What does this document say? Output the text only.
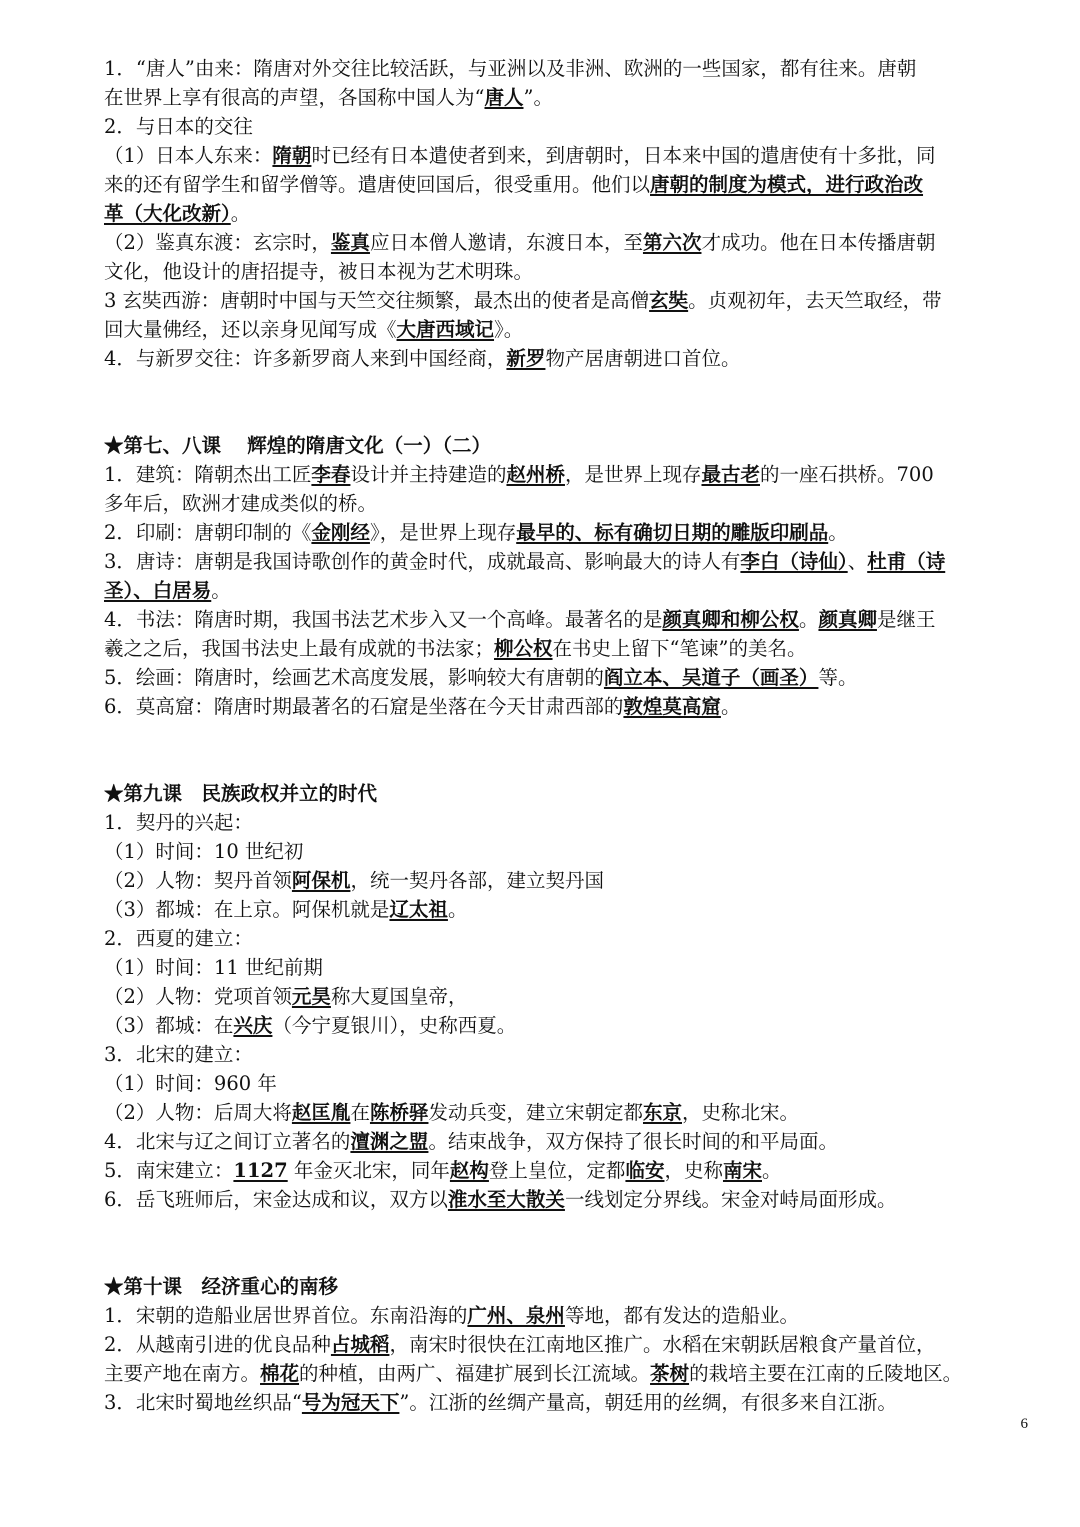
1．“唐人”由来：隋唐对外交往比较活跃，与亚洲以及非洲、欧洲的一些国家，都有往来。唐朝
在世界上享有很高的声望，各国称中国人为“唐人”。
2．与日本的交往
（1）日本人东来：隋朝时已经有日本遣使者到来，到唐朝时，日本来中国的遣唐使有十多批，同
来的还有留学生和留学僧等。遣唐使回国后，很受重用。他们以唐朝的制度为模式，进行政治改
革（大化改新）。
（2）鉴真东渡：玄宗时，鉴真应日本僧人邀请，东渡日本，至第六次才成功。他在日本传播唐朝
文化，他设计的唐招提寺，被日本视为艺术明珠。
3 玄奘西游：唐朝时中国与天竺交往频繁，最杰出的使者是高僧玄奘。贞观初年，去天竺取经，带
回大量佛经，还以亲身见闻写成《大唐西域记》。
4．与新罗交往：许多新罗商人来到中国经商，新罗物产居唐朝进口首位。
★第七、八课　 辉煌的隋唐文化（一）（二）
1．建筑：隋朝杰出工匠李春设计并主持建造的赵州桥，是世界上现存最古老的一座石拱桥。700
多年后，欧洲才建成类似的桥。
2．印刷：唐朝印制的《金刚经》，是世界上现存最早的、标有确切日期的雕版印刷品。
3．唐诗：唐朝是我国诗歌创作的黄金时代，成就最高、影响最大的诗人有李白（诗仙）、杜甫（诗
圣）、白居易。
4．书法：隋唐时期，我国书法艺术步入又一个高峰。最著名的是颜真卿和柳公权。颜真卿是继王
羲之之后，我国书法史上最有成就的书法家；柳公权在书史上留下“笔谏”的美名。
5．绘画：隋唐时，绘画艺术高度发展，影响较大有唐朝的阎立本、吴道子（画圣）等。
6．莫高窟：隋唐时期最著名的石窟是坐落在今天甘肃西部的敦煌莫高窟。
★第九课　民族政权并立的时代
1．契丹的兴起：
（1）时间：10 世纪初
（2）人物：契丹首领阿保机，统一契丹各部，建立契丹国
（3）都城：在上京。阿保机就是辽太祖。
2．西夏的建立：
（1）时间：11 世纪前期
（2）人物：党项首领元昊称大夏国皇帝，
（3）都城：在兴庆（今宁夏银川），史称西夏。
3．北宋的建立：
（1）时间：960 年
（2）人物：后周大将赵匡胤在陈桥驿发动兵变，建立宋朝定都东京，史称北宋。
4．北宋与辽之间订立著名的澶渊之盟。结束战争，双方保持了很长时间的和平局面。
5．南宋建立：1127 年金灭北宋，同年赵构登上皇位，定都临安，史称南宋。
6．岳飞班师后，宋金达成和议，双方以淮水至大散关一线划定分界线。宋金对峙局面形成。
★第十课　经济重心的南移
1．宋朝的造船业居世界首位。东南沿海的广州、泉州等地，都有发达的造船业。
2．从越南引进的优良品种占城稻，南宋时很快在江南地区推广。水稻在宋朝跃居粮食产量首位，
主要产地在南方。棉花的种植，由两广、福建扩展到长江流域。茶树的栽培主要在江南的丘陵地区。
3．北宋时蜀地丝织品“号为冠天下”。江浙的丝绸产量高，朝廷用的丝绸，有很多来自江浙。
6
